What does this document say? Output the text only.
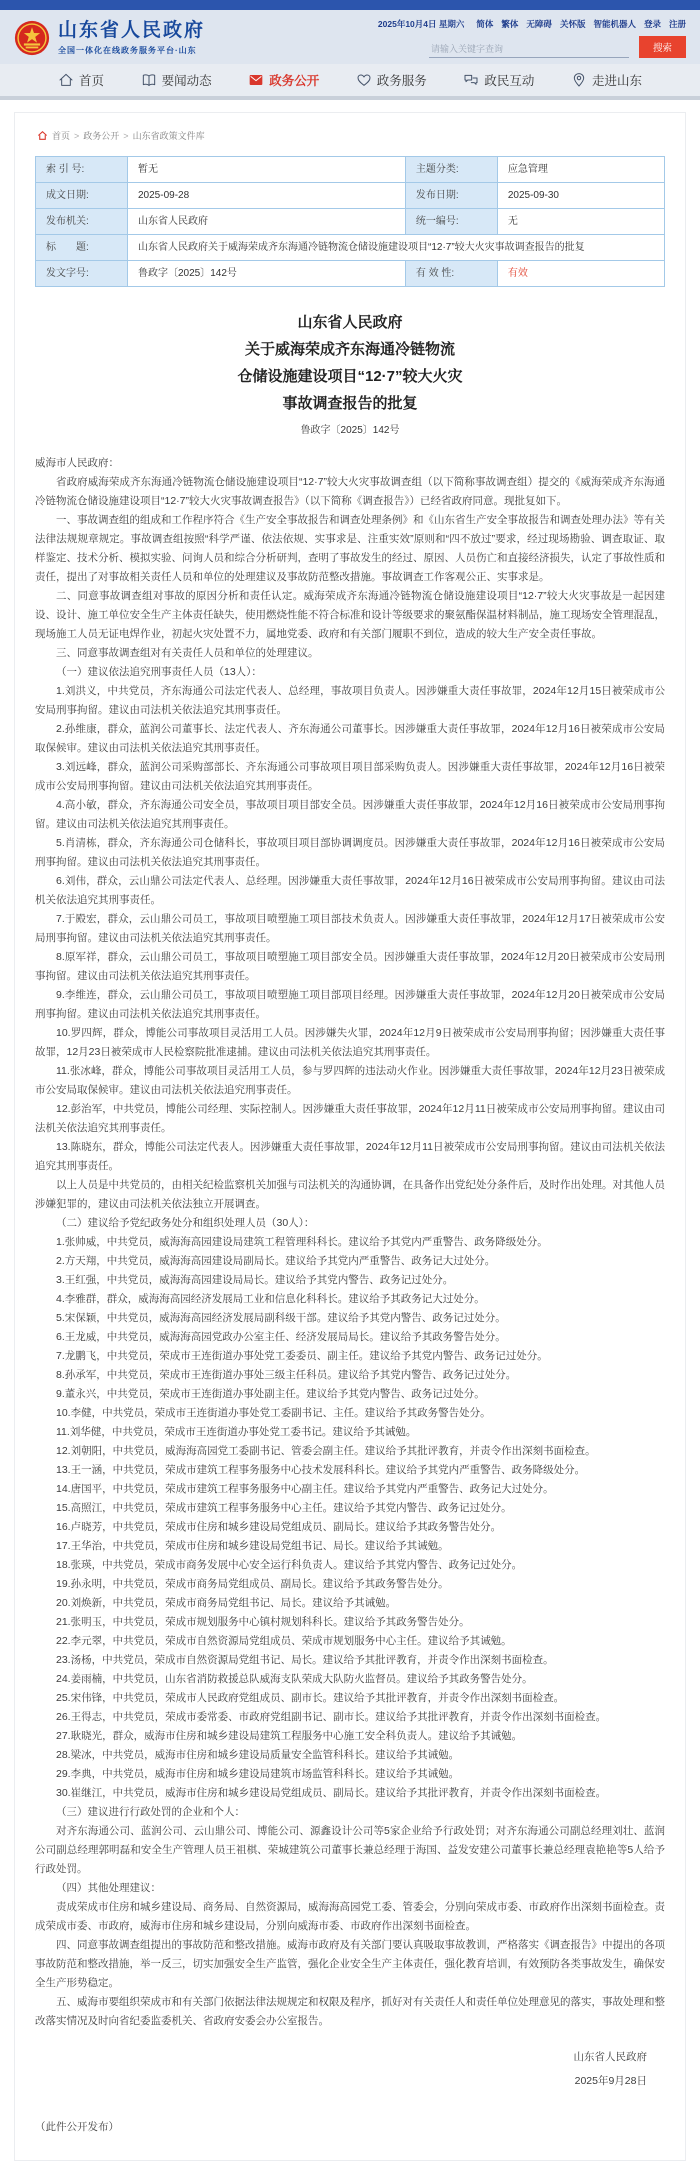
山东省人民政府
全国一体化在线政务服务平台·山东
2025年10月4日 星期六 简体 繁体 无障碍 关怀版 智能机器人 登录 注册
请输入关键字查询
搜索
首页	要闻动态	政务公开	政务服务	政民互动	走进山东
首页 > 政务公开 > 山东省政策文件库
索 引 号:	暂无	主题分类:	应急管理
成文日期:	2025-09-28	发布日期:	2025-09-30
发布机关:	山东省人民政府	统一编号:	无
标　　题:	山东省人民政府关于威海荣成齐东海通冷链物流仓储设施建设项目“12·7”较大火灾事故调查报告的批复		
发文字号:	鲁政字〔2025〕142号	有 效 性:	有效
山东省人民政府
关于威海荣成齐东海通冷链物流
仓储设施建设项目“12·7”较大火灾
事故调查报告的批复
鲁政字〔2025〕142号

威海市人民政府：

省政府威海荣成齐东海通冷链物流仓储设施建设项目“12·7”较大火灾事故调查组（以下简称事故调查组）提交的《威海荣成齐东海通冷链物流仓储设施建设项目“12·7”较大火灾事故调查报告》（以下简称《调查报告》）已经省政府同意。现批复如下。

一、事故调查组的组成和工作程序符合《生产安全事故报告和调查处理条例》和《山东省生产安全事故报告和调查处理办法》等有关法律法规规章规定。事故调查组按照“科学严谨、依法依规、实事求是、注重实效”原则和“四不放过”要求，经过现场勘验、调查取证、取样鉴定、技术分析、模拟实验、问询人员和综合分析研判，查明了事故发生的经过、原因、人员伤亡和直接经济损失，认定了事故性质和责任，提出了对事故相关责任人员和单位的处理建议及事故防范整改措施。事故调查工作客观公正、实事求是。

二、同意事故调查组对事故的原因分析和责任认定。威海荣成齐东海通冷链物流仓储设施建设项目“12·7”较大火灾事故是一起因建设、设计、施工单位安全生产主体责任缺失，使用燃烧性能不符合标准和设计等级要求的聚氨酯保温材料制品，施工现场安全管理混乱，现场施工人员无证电焊作业，初起火灾处置不力，属地党委、政府和有关部门履职不到位，造成的较大生产安全责任事故。

三、同意事故调查组对有关责任人员和单位的处理建议。

（一）建议依法追究刑事责任人员（13人）：

1.刘洪义，中共党员，齐东海通公司法定代表人、总经理，事故项目负责人。因涉嫌重大责任事故罪，2024年12月15日被荣成市公安局刑事拘留。建议由司法机关依法追究其刑事责任。

2.孙维康，群众，蓝润公司董事长、法定代表人、齐东海通公司董事长。因涉嫌重大责任事故罪，2024年12月16日被荣成市公安局取保候审。建议由司法机关依法追究其刑事责任。

3.刘远峰，群众，蓝润公司采购部部长、齐东海通公司事故项目项目部采购负责人。因涉嫌重大责任事故罪，2024年12月16日被荣成市公安局刑事拘留。建议由司法机关依法追究其刑事责任。

4.高小敏，群众，齐东海通公司安全员，事故项目项目部安全员。因涉嫌重大责任事故罪，2024年12月16日被荣成市公安局刑事拘留。建议由司法机关依法追究其刑事责任。

5.肖清栋，群众，齐东海通公司仓储科长，事故项目项目部协调调度员。因涉嫌重大责任事故罪，2024年12月16日被荣成市公安局刑事拘留。建议由司法机关依法追究其刑事责任。

6.刘伟，群众，云山鼎公司法定代表人、总经理。因涉嫌重大责任事故罪，2024年12月16日被荣成市公安局刑事拘留。建议由司法机关依法追究其刑事责任。

7.于殿宏，群众，云山鼎公司员工，事故项目喷塑施工项目部技术负责人。因涉嫌重大责任事故罪，2024年12月17日被荣成市公安局刑事拘留。建议由司法机关依法追究其刑事责任。

8.原军祥，群众，云山鼎公司员工，事故项目喷塑施工项目部安全员。因涉嫌重大责任事故罪，2024年12月20日被荣成市公安局刑事拘留。建议由司法机关依法追究其刑事责任。

9.李维连，群众，云山鼎公司员工，事故项目喷塑施工项目部项目经理。因涉嫌重大责任事故罪，2024年12月20日被荣成市公安局刑事拘留。建议由司法机关依法追究其刑事责任。

10.罗四辉，群众，博能公司事故项目灵活用工人员。因涉嫌失火罪，2024年12月9日被荣成市公安局刑事拘留；因涉嫌重大责任事故罪，12月23日被荣成市人民检察院批准逮捕。建议由司法机关依法追究其刑事责任。

11.张冰峰，群众，博能公司事故项目灵活用工人员，参与罗四辉的违法动火作业。因涉嫌重大责任事故罪，2024年12月23日被荣成市公安局取保候审。建议由司法机关依法追究刑事责任。

12.彭治军，中共党员，博能公司经理、实际控制人。因涉嫌重大责任事故罪，2024年12月11日被荣成市公安局刑事拘留。建议由司法机关依法追究其刑事责任。

13.陈晓东，群众，博能公司法定代表人。因涉嫌重大责任事故罪，2024年12月11日被荣成市公安局刑事拘留。建议由司法机关依法追究其刑事责任。

以上人员是中共党员的，由相关纪检监察机关加强与司法机关的沟通协调，在具备作出党纪处分条件后，及时作出处理。对其他人员涉嫌犯罪的，建议由司法机关依法独立开展调查。

（二）建议给予党纪政务处分和组织处理人员（30人）：

1.张帅威，中共党员，威海海高园建设局建筑工程管理科科长。建议给予其党内严重警告、政务降级处分。

2.方天翔，中共党员，威海海高园建设局副局长。建议给予其党内严重警告、政务记大过处分。

3.王红强，中共党员，威海海高园建设局局长。建议给予其党内警告、政务记过处分。

4.李雅群，群众，威海海高园经济发展局工业和信息化科科长。建议给予其政务记大过处分。

5.宋保颖，中共党员，威海海高园经济发展局副科级干部。建议给予其党内警告、政务记过处分。

6.王龙威，中共党员，威海海高园党政办公室主任、经济发展局局长。建议给予其政务警告处分。

7.龙鹏飞，中共党员，荣成市王连街道办事处党工委委员、副主任。建议给予其党内警告、政务记过处分。

8.孙承军，中共党员，荣成市王连街道办事处三级主任科员。建议给予其党内警告、政务记过处分。

9.董永兴，中共党员，荣成市王连街道办事处副主任。建议给予其党内警告、政务记过处分。

10.李健，中共党员，荣成市王连街道办事处党工委副书记、主任。建议给予其政务警告处分。

11.刘华健，中共党员，荣成市王连街道办事处党工委书记。建议给予其诫勉。

12.刘朝阳，中共党员，威海海高园党工委副书记、管委会副主任。建议给予其批评教育，并责令作出深刻书面检查。

13.王一涵，中共党员，荣成市建筑工程事务服务中心技术发展科科长。建议给予其党内严重警告、政务降级处分。

14.唐国平，中共党员，荣成市建筑工程事务服务中心副主任。建议给予其党内严重警告、政务记大过处分。

15.高照江，中共党员，荣成市建筑工程事务服务中心主任。建议给予其党内警告、政务记过处分。

16.卢晓芳，中共党员，荣成市住房和城乡建设局党组成员、副局长。建议给予其政务警告处分。

17.王华治，中共党员，荣成市住房和城乡建设局党组书记、局长。建议给予其诫勉。

18.张瑛，中共党员，荣成市商务发展中心安全运行科负责人。建议给予其党内警告、政务记过处分。

19.孙永明，中共党员，荣成市商务局党组成员、副局长。建议给予其政务警告处分。

20.刘焕新，中共党员，荣成市商务局党组书记、局长。建议给予其诫勉。

21.张明玉，中共党员，荣成市规划服务中心镇村规划科科长。建议给予其政务警告处分。

22.李元翠，中共党员，荣成市自然资源局党组成员、荣成市规划服务中心主任。建议给予其诫勉。

23.汤杨，中共党员，荣成市自然资源局党组书记、局长。建议给予其批评教育，并责令作出深刻书面检查。

24.姜雨楠，中共党员，山东省消防救援总队威海支队荣成大队防火监督员。建议给予其政务警告处分。

25.宋伟锋，中共党员，荣成市人民政府党组成员、副市长。建议给予其批评教育，并责令作出深刻书面检查。

26.王得志，中共党员，荣成市委常委、市政府党组副书记、副市长。建议给予其批评教育，并责令作出深刻书面检查。

27.耿晓光，群众，威海市住房和城乡建设局建筑工程服务中心施工安全科负责人。建议给予其诫勉。

28.梁冰，中共党员，威海市住房和城乡建设局质量安全监管科科长。建议给予其诫勉。

29.李典，中共党员，威海市住房和城乡建设局建筑市场监管科科长。建议给予其诫勉。

30.崔继江，中共党员，威海市住房和城乡建设局党组成员、副局长。建议给予其批评教育，并责令作出深刻书面检查。

（三）建议进行行政处罚的企业和个人：

对齐东海通公司、蓝润公司、云山鼎公司、博能公司、源鑫设计公司等5家企业给予行政处罚；对齐东海通公司副总经理刘壮、蓝润公司副总经理郭明磊和安全生产管理人员王祖棋、荣城建筑公司董事长兼总经理于海国、益发安建公司董事长兼总经理袁艳艳等5人给予行政处罚。

（四）其他处理建议：

责成荣成市住房和城乡建设局、商务局、自然资源局，威海海高园党工委、管委会，分别向荣成市委、市政府作出深刻书面检查。责成荣成市委、市政府，威海市住房和城乡建设局，分别向威海市委、市政府作出深刻书面检查。

四、同意事故调查组提出的事故防范和整改措施。威海市政府及有关部门要认真吸取事故教训，严格落实《调查报告》中提出的各项事故防范和整改措施，举一反三，切实加强安全生产监管，强化企业安全生产主体责任，强化教育培训，有效预防各类事故发生，确保安全生产形势稳定。

五、威海市要组织荣成市和有关部门依据法律法规规定和权限及程序，抓好对有关责任人和责任单位处理意见的落实，事故处理和整改落实情况及时向省纪委监委机关、省政府安委会办公室报告。

山东省人民政府
2025年9月28日
（此件公开发布）
